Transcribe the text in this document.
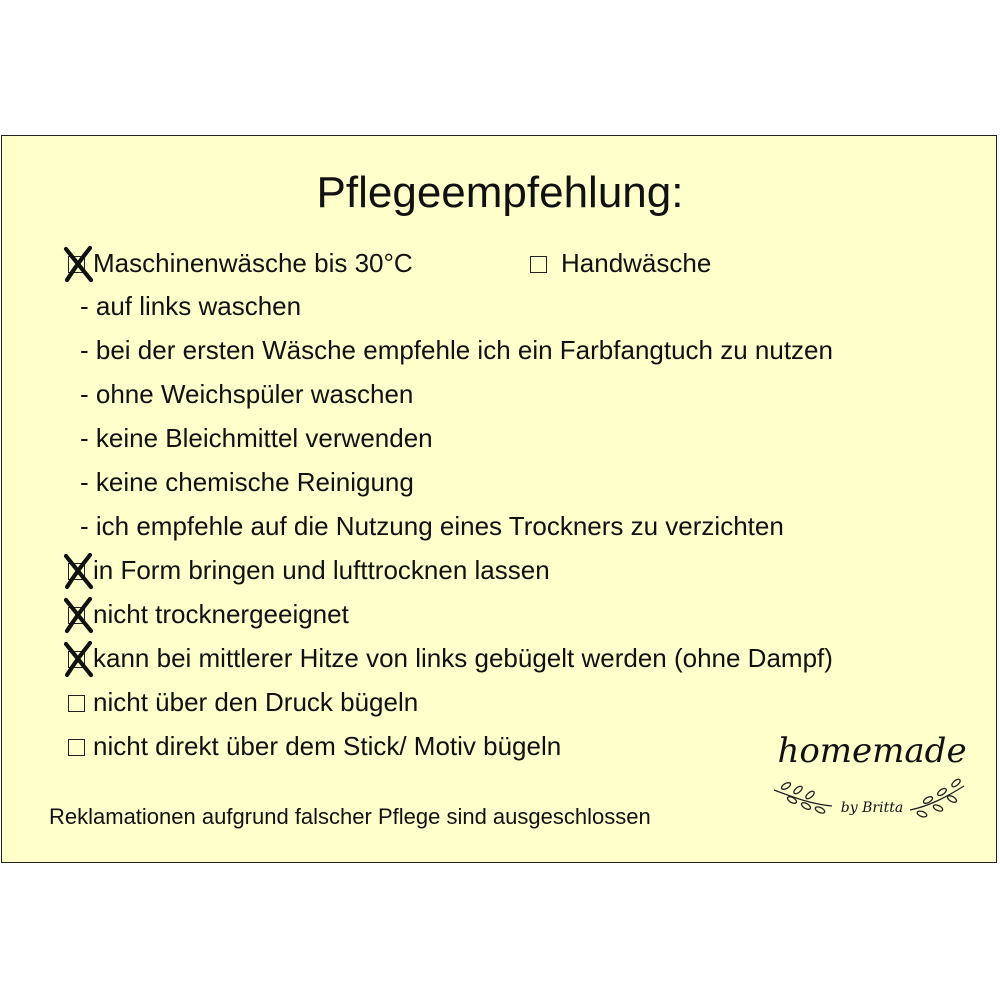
Pflegeempfehlung:
Maschinenwäsche bis 30°C	Handwäsche
- auf links waschen
- bei der ersten Wäsche empfehle ich ein Farbfangtuch zu nutzen
- ohne Weichspüler waschen
- keine Bleichmittel verwenden
- keine chemische Reinigung
- ich empfehle auf die Nutzung eines Trockners zu verzichten
in Form bringen und lufttrocknen lassen
nicht trocknergeeignet
kann bei mittlerer Hitze von links gebügelt werden (ohne Dampf)
nicht über den Druck bügeln
nicht direkt über dem Stick/ Motiv bügeln
Reklamationen aufgrund falscher Pflege sind ausgeschlossen
homemade
by Britta
